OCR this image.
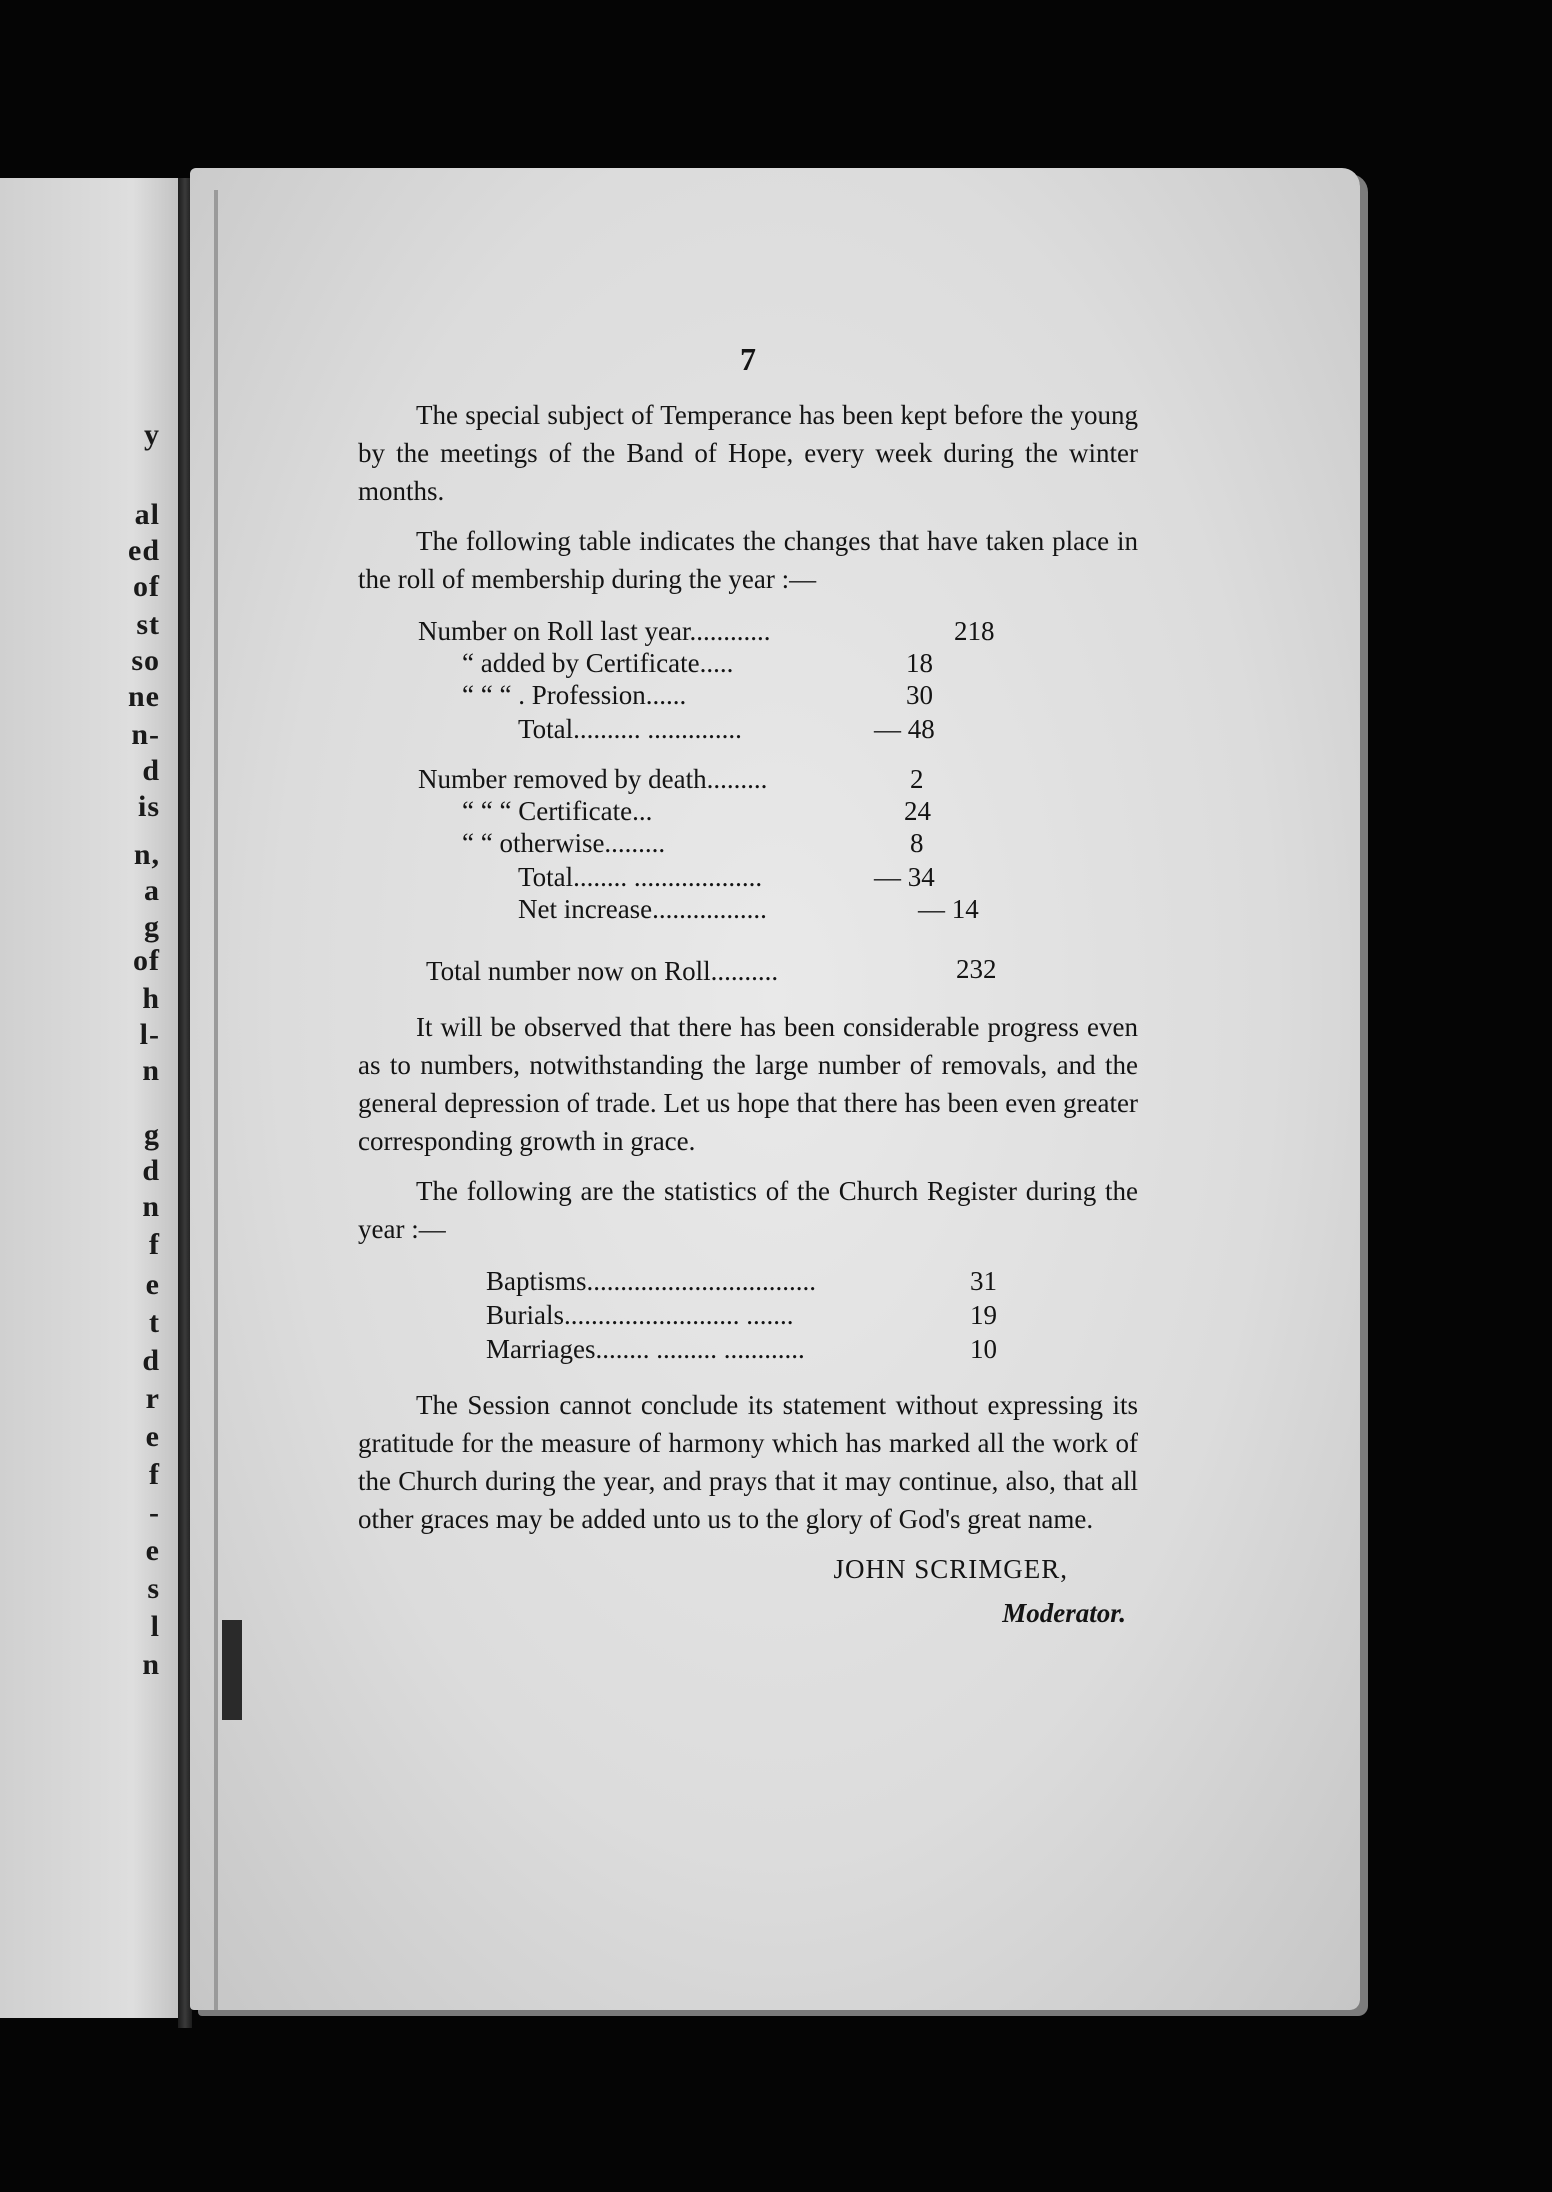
y
al
ed
of
st
so
ne
n-
d
is
n,
a
g
of
h
l-
n
g
d
n
f
e
t
d
r
e
f
-
e
s
l
n
7

The special subject of Temperance has been kept before the young by the meetings of the Band of Hope, every week during the winter months.

The following table indicates the changes that have taken place in the roll of membership during the year :—

Number on Roll last year............	218
“ added by Certificate.....	18
“ “ “ . Profession......	30
Total.......... ..............	— 48
Number removed by death.........	2
“ “ “ Certificate...	24
“ “ otherwise.........	8
Total........ ...................	— 34
Net increase.................	— 14
Total number now on Roll..........	232

It will be observed that there has been considerable progress even as to numbers, notwithstanding the large number of removals, and the general depression of trade. Let us hope that there has been even greater corresponding growth in grace.

The following are the statistics of the Church Register during the year :—

Baptisms..................................	31
Burials.......................... .......	19
Marriages........ ......... ............	10

The Session cannot conclude its statement without expressing its gratitude for the measure of harmony which has marked all the work of the Church during the year, and prays that it may continue, also, that all other graces may be added unto us to the glory of God's great name.

JOHN SCRIMGER,
Moderator.
